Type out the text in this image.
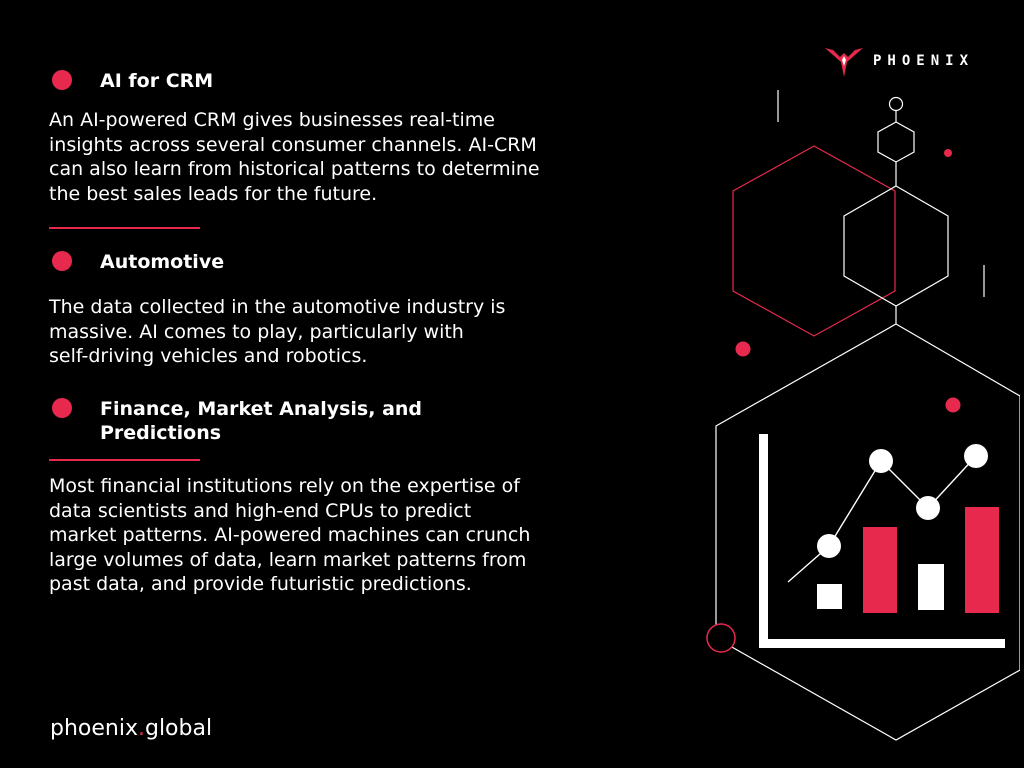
AI for CRM

An AI-powered CRM gives businesses real-time
insights across several consumer channels. AI-CRM
can also learn from historical patterns to determine
the best sales leads for the future.

Automotive

The data collected in the automotive industry is
massive. AI comes to play, particularly with
self-driving vehicles and robotics.

Finance, Market Analysis, and
Predictions

Most financial institutions rely on the expertise of
data scientists and high-end CPUs to predict
market patterns. AI-powered machines can crunch
large volumes of data, learn market patterns from
past data, and provide futuristic predictions.

phoenix.global
PHOENIX
